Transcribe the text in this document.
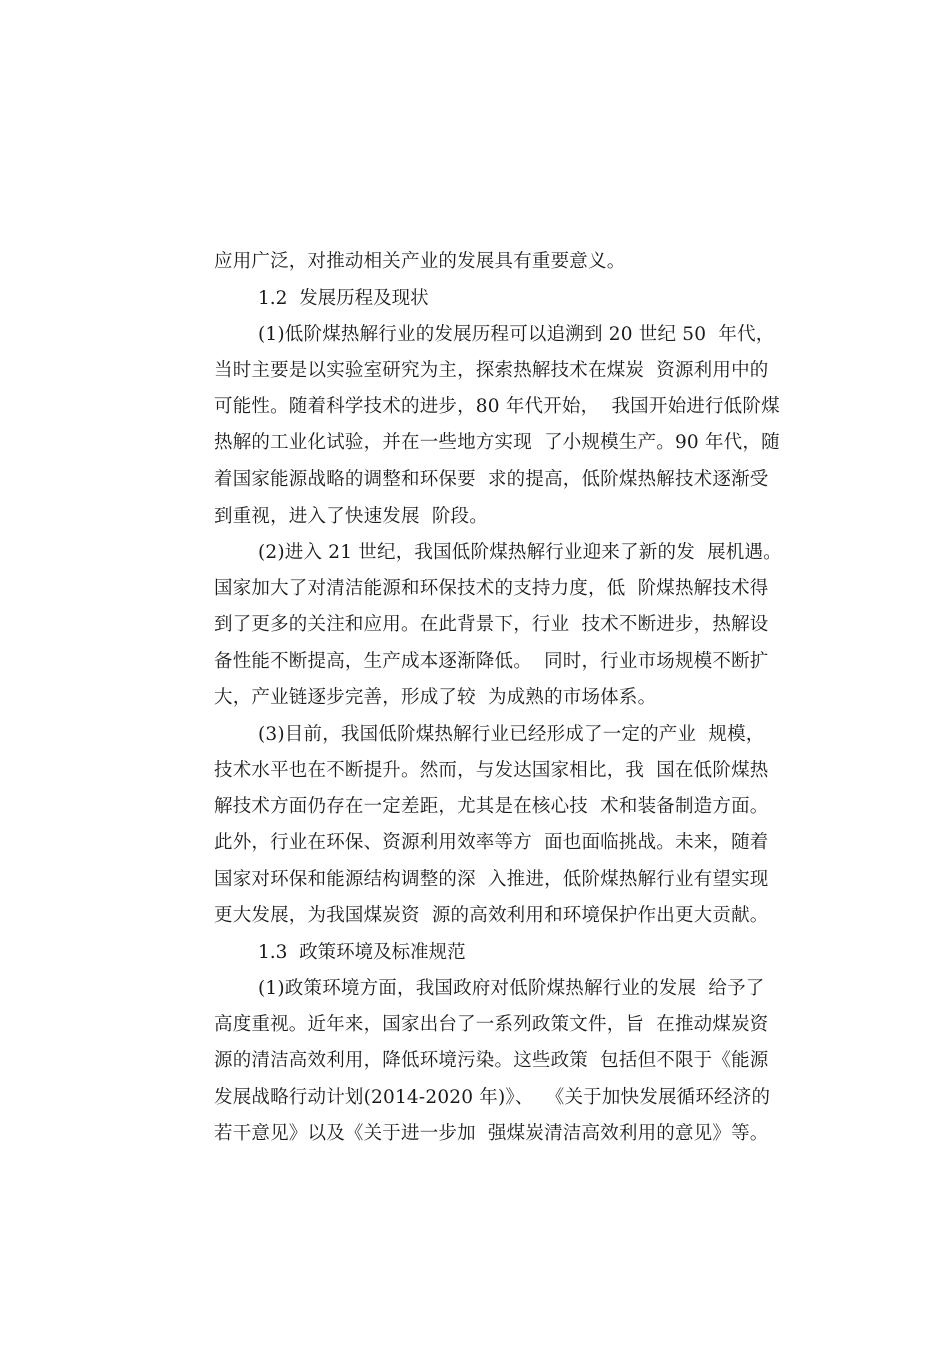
应用广泛，对推动相关产业的发展具有重要意义。
1.2  发展历程及现状
(1)低阶煤热解行业的发展历程可以追溯到 20 世纪 50  年代，
当时主要是以实验室研究为主，探索热解技术在煤炭  资源利用中的
可能性。随着科学技术的进步，80 年代开始，  我国开始进行低阶煤
热解的工业化试验，并在一些地方实现  了小规模生产。90 年代，随
着国家能源战略的调整和环保要  求的提高，低阶煤热解技术逐渐受
到重视，进入了快速发展  阶段。
(2)进入 21 世纪，我国低阶煤热解行业迎来了新的发  展机遇。
国家加大了对清洁能源和环保技术的支持力度，低  阶煤热解技术得
到了更多的关注和应用。在此背景下，行业  技术不断进步，热解设
备性能不断提高，生产成本逐渐降低。  同时，行业市场规模不断扩
大，产业链逐步完善，形成了较  为成熟的市场体系。
(3)目前，我国低阶煤热解行业已经形成了一定的产业  规模，
技术水平也在不断提升。然而，与发达国家相比，我  国在低阶煤热
解技术方面仍存在一定差距，尤其是在核心技  术和装备制造方面。
此外，行业在环保、资源利用效率等方  面也面临挑战。未来，随着
国家对环保和能源结构调整的深  入推进，低阶煤热解行业有望实现
更大发展，为我国煤炭资  源的高效利用和环境保护作出更大贡献。
1.3  政策环境及标准规范
(1)政策环境方面，我国政府对低阶煤热解行业的发展  给予了
高度重视。近年来，国家出台了一系列政策文件，旨  在推动煤炭资
源的清洁高效利用，降低环境污染。这些政策  包括但不限于《能源
发展战略行动计划(2014-2020 年)》、  《关于加快发展循环经济的
若干意见》以及《关于进一步加  强煤炭清洁高效利用的意见》等。
